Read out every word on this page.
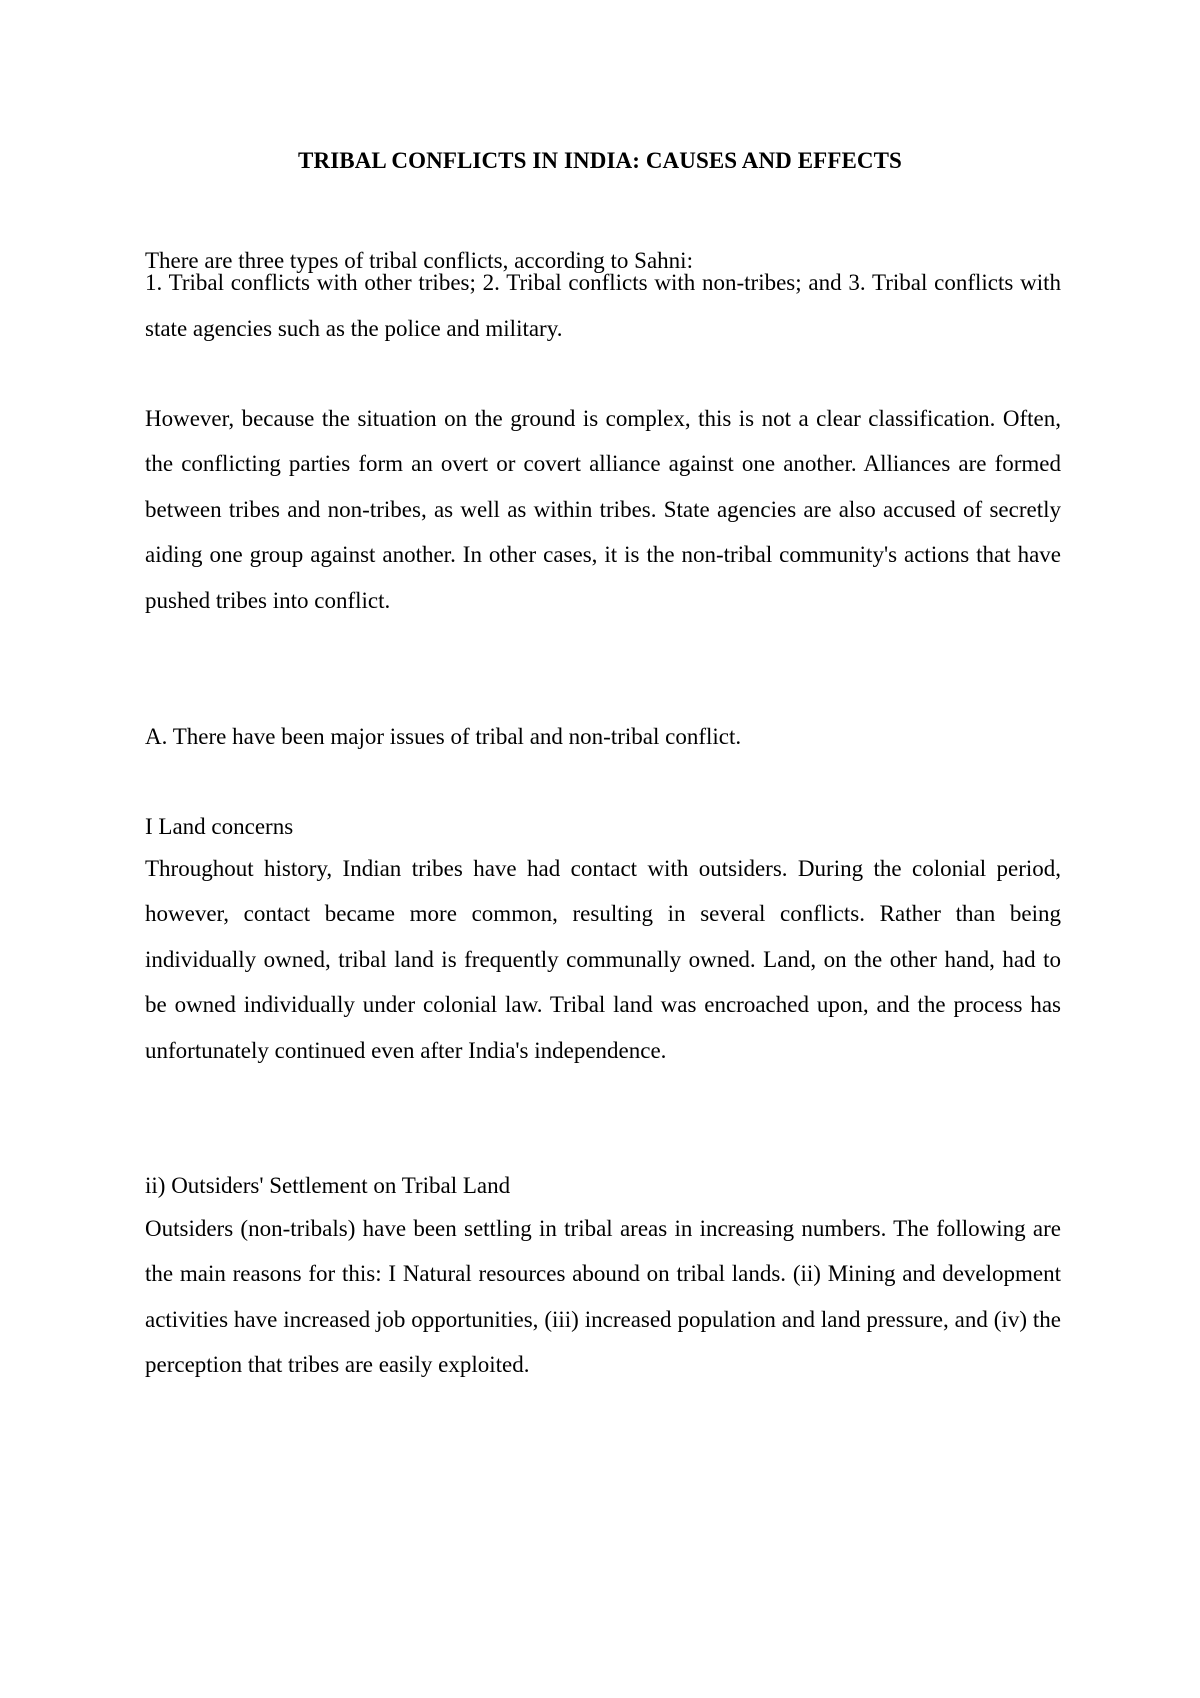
TRIBAL CONFLICTS IN INDIA: CAUSES AND EFFECTS

There are three types of tribal conflicts, according to Sahni:

1. Tribal conflicts with other tribes; 2. Tribal conflicts with non-tribes; and 3. Tribal conflicts with state agencies such as the police and military.

However, because the situation on the ground is complex, this is not a clear classification. Often, the conflicting parties form an overt or covert alliance against one another. Alliances are formed between tribes and non-tribes, as well as within tribes. State agencies are also accused of secretly aiding one group against another. In other cases, it is the non-tribal community's actions that have pushed tribes into conflict.

A. There have been major issues of tribal and non-tribal conflict.

I Land concerns

Throughout history, Indian tribes have had contact with outsiders. During the colonial period, however, contact became more common, resulting in several conflicts. Rather than being individually owned, tribal land is frequently communally owned. Land, on the other hand, had to be owned individually under colonial law. Tribal land was encroached upon, and the process has unfortunately continued even after India's independence.

ii) Outsiders' Settlement on Tribal Land

Outsiders (non-tribals) have been settling in tribal areas in increasing numbers. The following are the main reasons for this: I Natural resources abound on tribal lands. (ii) Mining and development activities have increased job opportunities, (iii) increased population and land pressure, and (iv) the perception that tribes are easily exploited.
